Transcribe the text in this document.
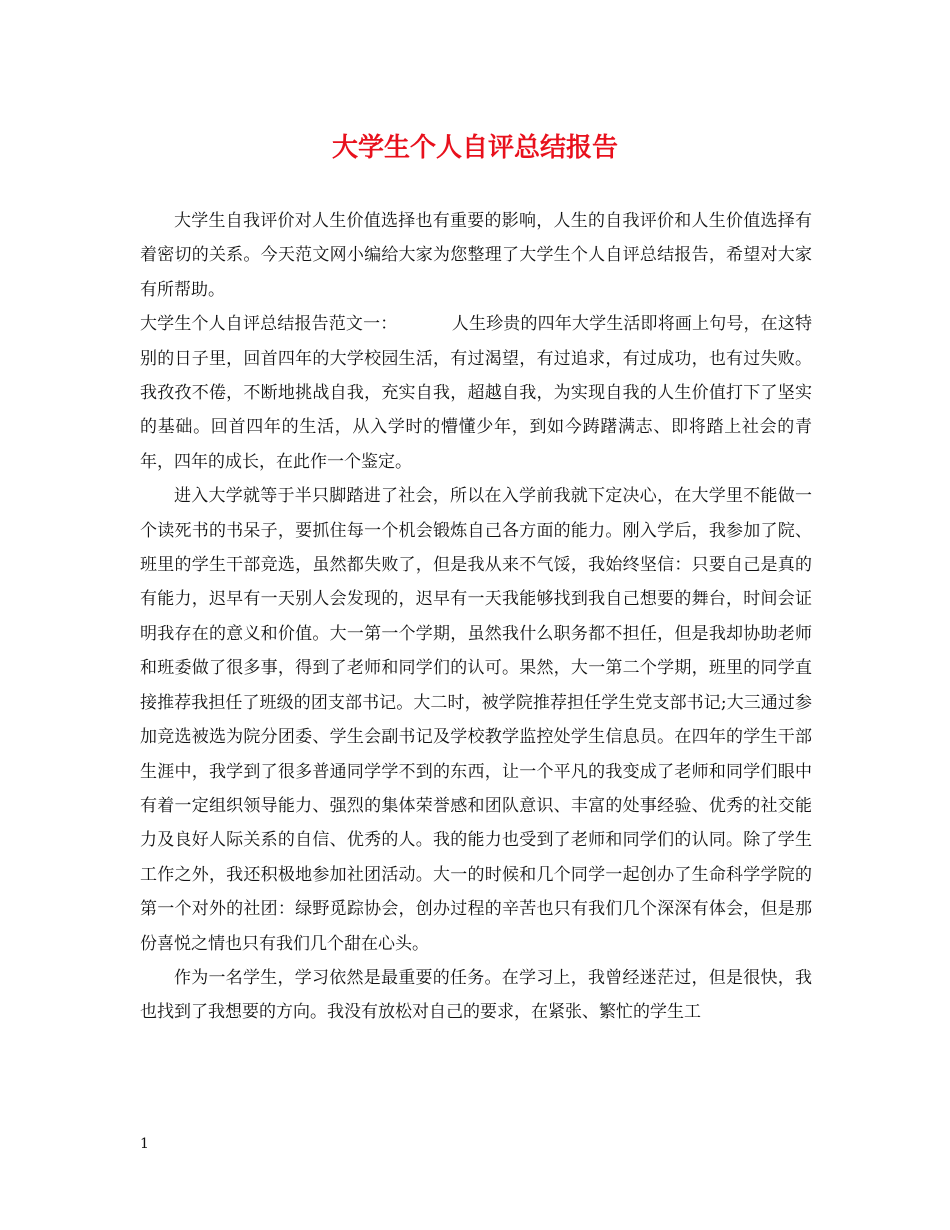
大学生个人自评总结报告

大学生自我评价对人生价值选择也有重要的影响，人生的自我评价和人生价值选择有着密切的关系。今天范文网小编给大家为您整理了大学生个人自评总结报告，希望对大家有所帮助。

大学生个人自评总结报告范文一：	人生珍贵的四年大学生活即将画上句号，在这特别的日子里，回首四年的大学校园生活，有过渴望，有过追求，有过成功，也有过失败。我孜孜不倦，不断地挑战自我，充实自我，超越自我，为实现自我的人生价值打下了坚实的基础。回首四年的生活，从入学时的懵懂少年，到如今踌躇满志、即将踏上社会的青年，四年的成长，在此作一个鉴定。

进入大学就等于半只脚踏进了社会，所以在入学前我就下定决心，在大学里不能做一个读死书的书呆子，要抓住每一个机会锻炼自己各方面的能力。刚入学后，我参加了院、班里的学生干部竞选，虽然都失败了，但是我从来不气馁，我始终坚信：只要自己是真的有能力，迟早有一天别人会发现的，迟早有一天我能够找到我自己想要的舞台，时间会证明我存在的意义和价值。大一第一个学期，虽然我什么职务都不担任，但是我却协助老师和班委做了很多事，得到了老师和同学们的认可。果然，大一第二个学期，班里的同学直接推荐我担任了班级的团支部书记。大二时，被学院推荐担任学生党支部书记;大三通过参加竞选被选为院分团委、学生会副书记及学校教学监控处学生信息员。在四年的学生干部生涯中，我学到了很多普通同学学不到的东西，让一个平凡的我变成了老师和同学们眼中有着一定组织领导能力、强烈的集体荣誉感和团队意识、丰富的处事经验、优秀的社交能力及良好人际关系的自信、优秀的人。我的能力也受到了老师和同学们的认同。除了学生工作之外，我还积极地参加社团活动。大一的时候和几个同学一起创办了生命科学学院的第一个对外的社团：绿野觅踪协会，创办过程的辛苦也只有我们几个深深有体会，但是那份喜悦之情也只有我们几个甜在心头。

作为一名学生，学习依然是最重要的任务。在学习上，我曾经迷茫过，但是很快，我也找到了我想要的方向。我没有放松对自己的要求，在紧张、繁忙的学生工

1
